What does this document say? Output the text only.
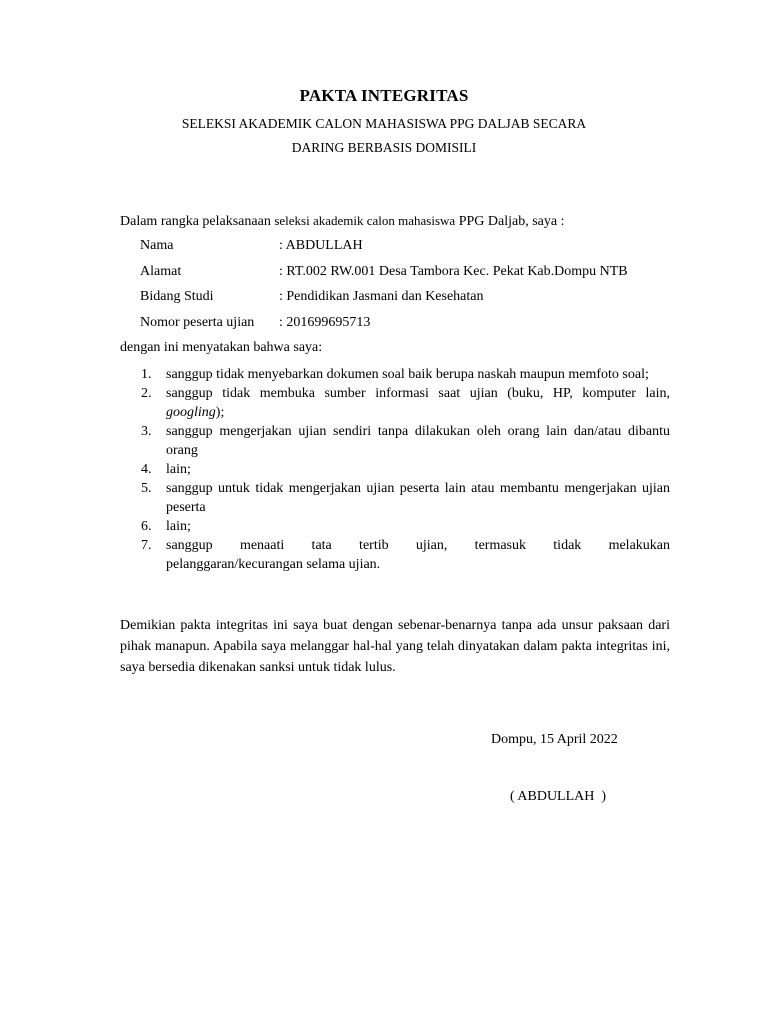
PAKTA INTEGRITAS
SELEKSI AKADEMIK CALON MAHASISWA PPG DALJAB SECARA
DARING BERBASIS DOMISILI
Dalam rangka pelaksanaan seleksi akademik calon mahasiswa PPG Daljab, saya :
Nama	: ABDULLAH
Alamat	: RT.002 RW.001 Desa Tambora Kec. Pekat Kab.Dompu NTB
Bidang Studi	: Pendidikan Jasmani dan Kesehatan
Nomor peserta ujian : 201699695713
dengan ini menyatakan bahwa saya:
1. sanggup tidak menyebarkan dokumen soal baik berupa naskah maupun memfoto soal;
2. sanggup tidak membuka sumber informasi saat ujian (buku, HP, komputer lain, googling);
3. sanggup mengerjakan ujian sendiri tanpa dilakukan oleh orang lain dan/atau dibantu orang
4. lain;
5. sanggup untuk tidak mengerjakan ujian peserta lain atau membantu mengerjakan ujian peserta
6. lain;
7. sanggup menaati tata tertib ujian, termasuk tidak melakukan
pelanggaran/kecurangan selama ujian.
Demikian pakta integritas ini saya buat dengan sebenar-benarnya tanpa ada unsur paksaan dari pihak manapun. Apabila saya melanggar hal-hal yang telah dinyatakan dalam pakta integritas ini, saya bersedia dikenakan sanksi untuk tidak lulus.
Dompu, 15 April 2022
( ABDULLAH  )
